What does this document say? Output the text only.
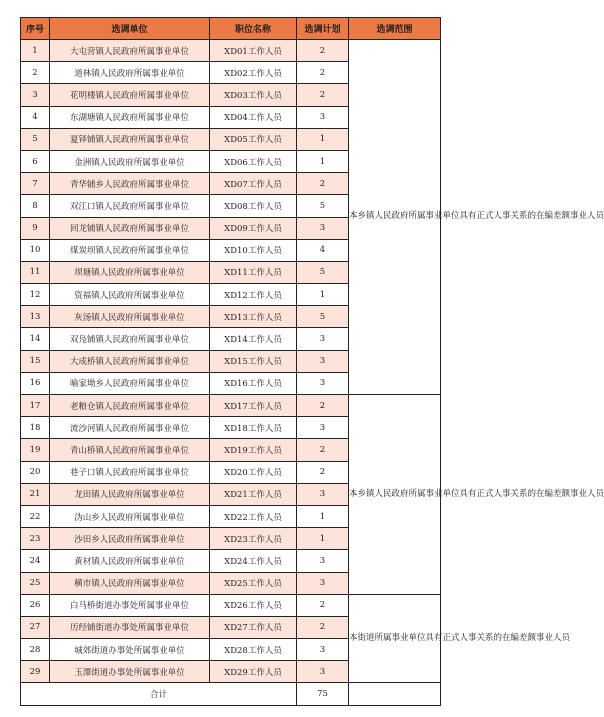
序号	选调单位	职位名称	选调计划	选调范围
1	大屯营镇人民政府所属事业单位	XD01工作人员	2	本乡镇人民政府所属事业单位具有正式人事关系的在编差额事业人员
2	道林镇人民政府所属事业单位	XD02工作人员	2	
3	花明楼镇人民政府所属事业单位	XD03工作人员	2	
4	东湖塘镇人民政府所属事业单位	XD04工作人员	3	
5	夏铎铺镇人民政府所属事业单位	XD05工作人员	1	
6	金洲镇人民政府所属事业单位	XD06工作人员	1	
7	青华铺乡人民政府所属事业单位	XD07工作人员	2	
8	双江口镇人民政府所属事业单位	XD08工作人员	5	
9	回龙铺镇人民政府所属事业单位	XD09工作人员	3	
10	煤炭坝镇人民政府所属事业单位	XD10工作人员	4	
11	坝塘镇人民政府所属事业单位	XD11工作人员	5	
12	资福镇人民政府所属事业单位	XD12工作人员	1	
13	灰汤镇人民政府所属事业单位	XD13工作人员	5	
14	双凫铺镇人民政府所属事业单位	XD14工作人员	3	
15	大成桥镇人民政府所属事业单位	XD15工作人员	3	
16	喻家坳乡人民政府所属事业单位	XD16工作人员	3	
17	老粮仓镇人民政府所属事业单位	XD17工作人员	2	本乡镇人民政府所属事业单位具有正式人事关系的在编差额事业人员
18	流沙河镇人民政府所属事业单位	XD18工作人员	3	
19	青山桥镇人民政府所属事业单位	XD19工作人员	2	
20	巷子口镇人民政府所属事业单位	XD20工作人员	2	
21	龙田镇人民政府所属事业单位	XD21工作人员	3	
22	沩山乡人民政府所属事业单位	XD22工作人员	1	
23	沙田乡人民政府所属事业单位	XD23工作人员	1	
24	黄材镇人民政府所属事业单位	XD24工作人员	3	
25	横市镇人民政府所属事业单位	XD25工作人员	3	
26	白马桥街道办事处所属事业单位	XD26工作人员	2	本街道所属事业单位具有正式人事关系的在编差额事业人员
27	历经铺街道办事处所属事业单位	XD27工作人员	2	
28	城郊街道办事处所属事业单位	XD28工作人员	3	
29	玉潭街道办事处所属事业单位	XD29工作人员	3	
合计			75	
